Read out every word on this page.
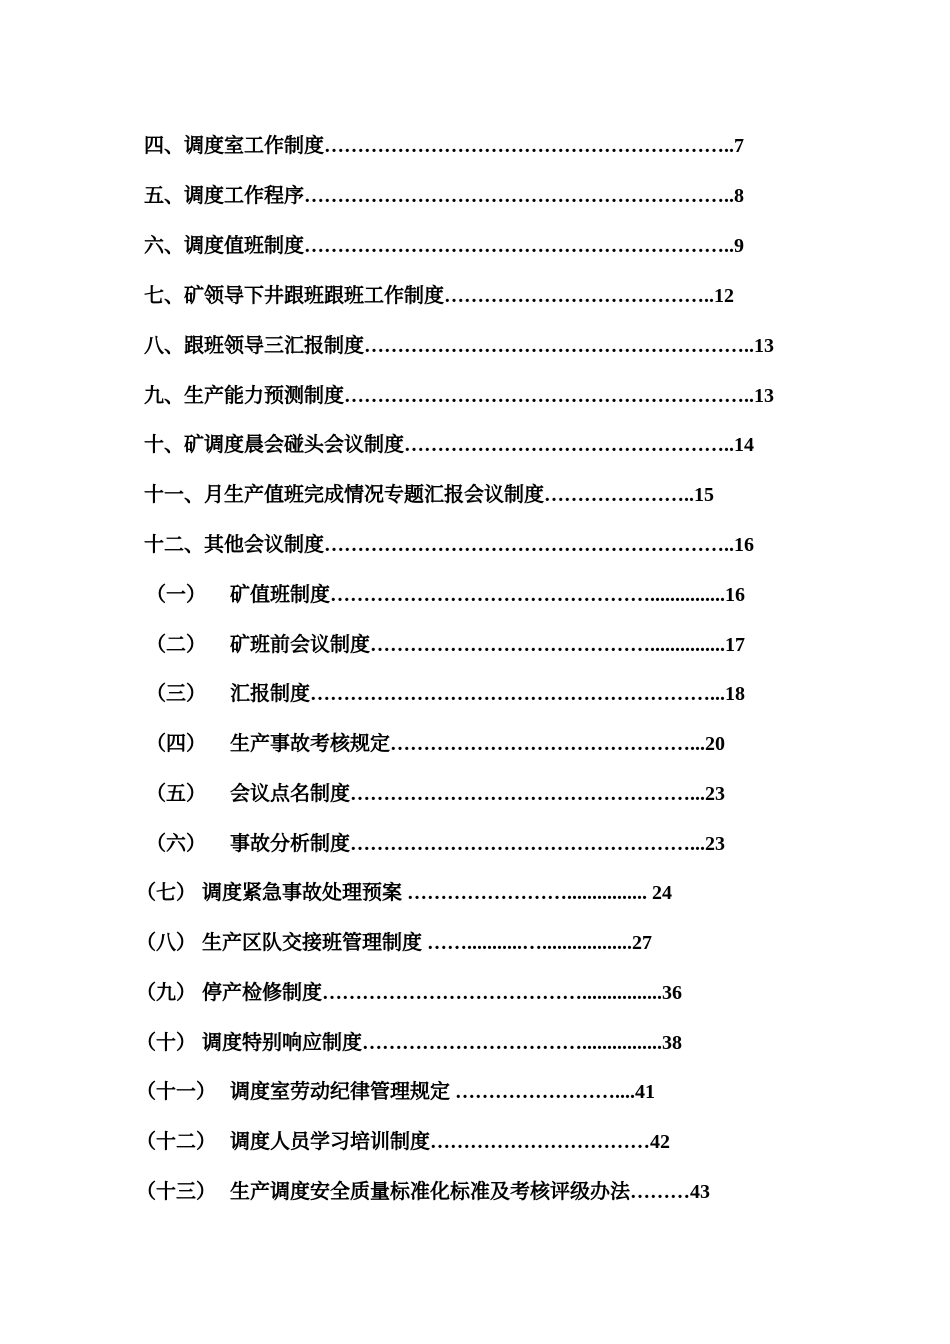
四、调度室工作制度……………………………………………………..7
五、调度工作程序………………………………………………………..8
六、调度值班制度………………………………………………………..9
七、矿领导下井跟班跟班工作制度…………………………………..12
八、跟班领导三汇报制度…………………………………………………..13
九、生产能力预测制度……………………………………………………..13
十、矿调度晨会碰头会议制度…………………………………………..14
十一、月生产值班完成情况专题汇报会议制度…………………..15
十二、其他会议制度……………………………………………………..16
（一） 矿值班制度…………………………………………...............16
（二） 矿班前会议制度……………………………………...............17
（三） 汇报制度……………………………………………………...18
（四） 生产事故考核规定………………………………………...20
（五） 会议点名制度……………………………………………...23
（六） 事故分析制度……………………………………………...23
（七） 调度紧急事故处理预案 ……………………................ 24
（八） 生产区队交接班管理制度 ……...........…..................27
（九） 停产检修制度…………………………………................36
（十） 调度特别响应制度……………………………................38
（十一） 调度室劳动纪律管理规定 ……………………....41
（十二） 调度人员学习培训制度……………………………42
（十三） 生产调度安全质量标准化标准及考核评级办法………43
